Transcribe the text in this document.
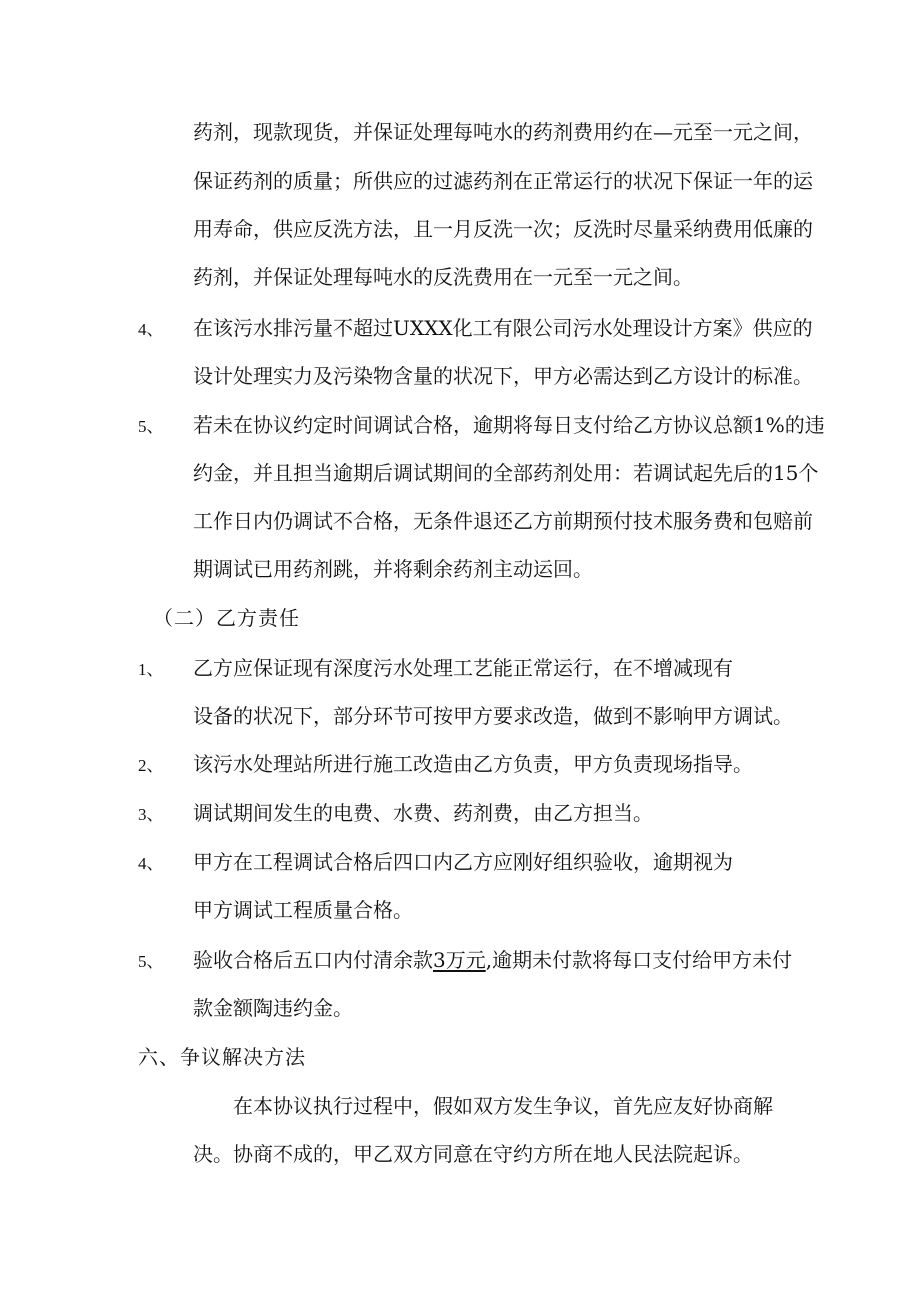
药剂，现款现货，并保证处理每吨水的药剂费用约在—元至一元之间，
保证药剂的质量；所供应的过滤药剂在正常运行的状况下保证一年的运
用寿命，供应反洗方法，且一月反洗一次；反洗时尽量采纳费用低廉的
药剂，并保证处理每吨水的反洗费用在一元至一元之间。
4、 在该污水排污量不超过UXXX化工有限公司污水处理设计方案》供应的
设计处理实力及污染物含量的状况下，甲方必需达到乙方设计的标准。
5、 若未在协议约定时间调试合格，逾期将每日支付给乙方协议总额1%的违
约金，并且担当逾期后调试期间的全部药剂处用：若调试起先后的15个
工作日内仍调试不合格，无条件退还乙方前期预付技术服务费和包赔前
期调试已用药剂跳，并将剩余药剂主动运回。
（二）乙方责任
1、 乙方应保证现有深度污水处理工艺能正常运行，在不增减现有
设备的状况下，部分环节可按甲方要求改造，做到不影响甲方调试。
2、 该污水处理站所进行施工改造由乙方负责，甲方负责现场指导。
3、 调试期间发生的电费、水费、药剂费，由乙方担当。
4、 甲方在工程调试合格后四口内乙方应刚好组织验收，逾期视为
甲方调试工程质量合格。
5、 验收合格后五口内付清余款3万元,逾期未付款将每口支付给甲方未付
款金额陶违约金。
六、争议解决方法
在本协议执行过程中，假如双方发生争议，首先应友好协商解
决。协商不成的，甲乙双方同意在守约方所在地人民法院起诉。
